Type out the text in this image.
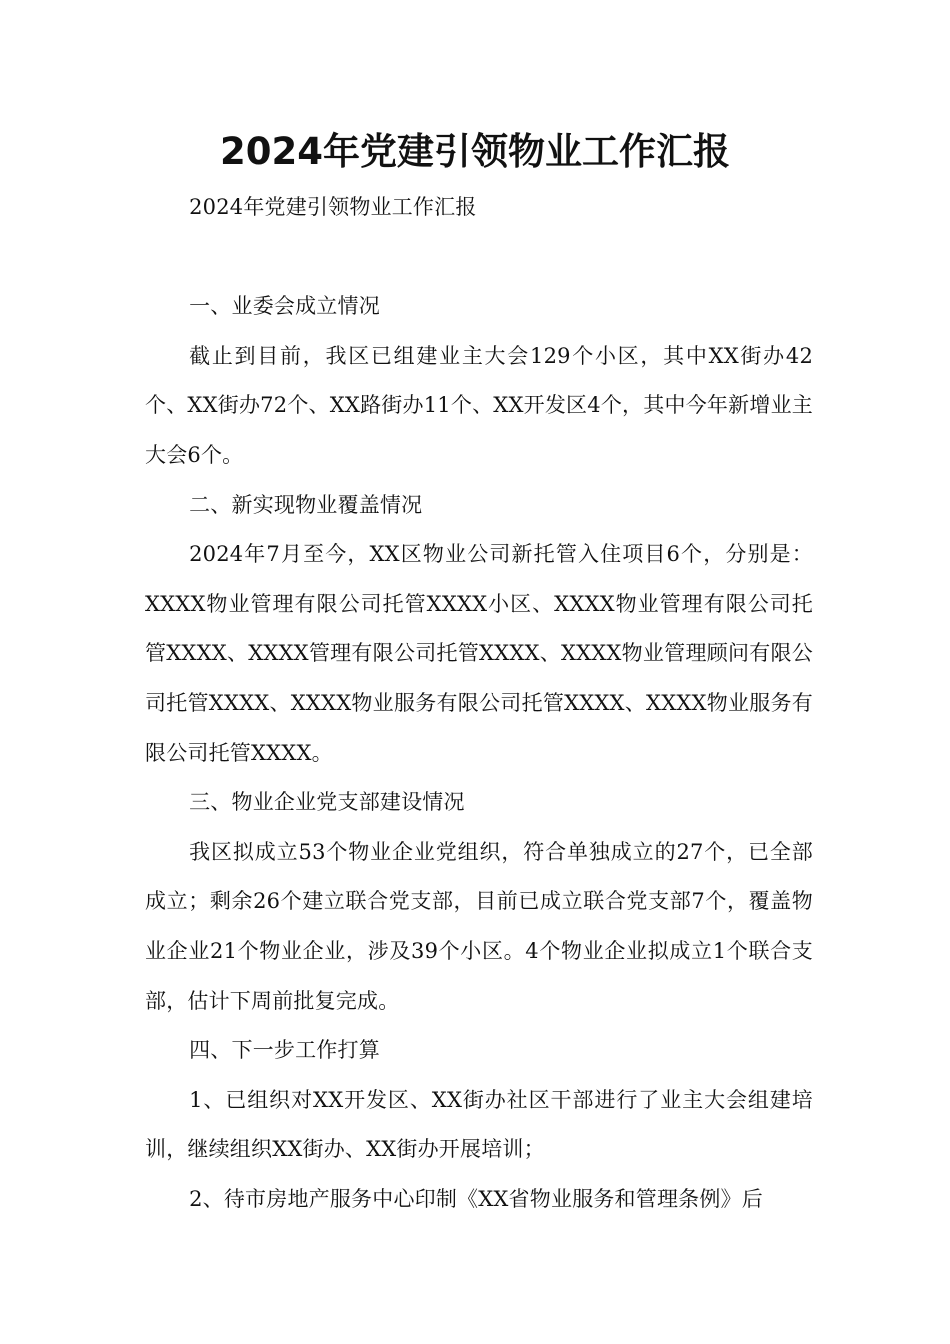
2024年党建引领物业工作汇报

2024年党建引领物业工作汇报

一、业委会成立情况

截止到目前，我区已组建业主大会129个小区，其中XX街办42个、XX街办72个、XX路街办11个、XX开发区4个，其中今年新增业主大会6个。

二、新实现物业覆盖情况

2024年7月至今，XX区物业公司新托管入住项目6个，分别是：XXXX物业管理有限公司托管XXXX小区、XXXX物业管理有限公司托管XXXX、XXXX管理有限公司托管XXXX、XXXX物业管理顾问有限公司托管XXXX、XXXX物业服务有限公司托管XXXX、XXXX物业服务有限公司托管XXXX。

三、物业企业党支部建设情况

我区拟成立53个物业企业党组织，符合单独成立的27个，已全部成立；剩余26个建立联合党支部，目前已成立联合党支部7个，覆盖物业企业21个物业企业，涉及39个小区。4个物业企业拟成立1个联合支部，估计下周前批复完成。

四、下一步工作打算

1、已组织对XX开发区、XX街办社区干部进行了业主大会组建培训，继续组织XX街办、XX街办开展培训；

2、待市房地产服务中心印制《XX省物业服务和管理条例》后
